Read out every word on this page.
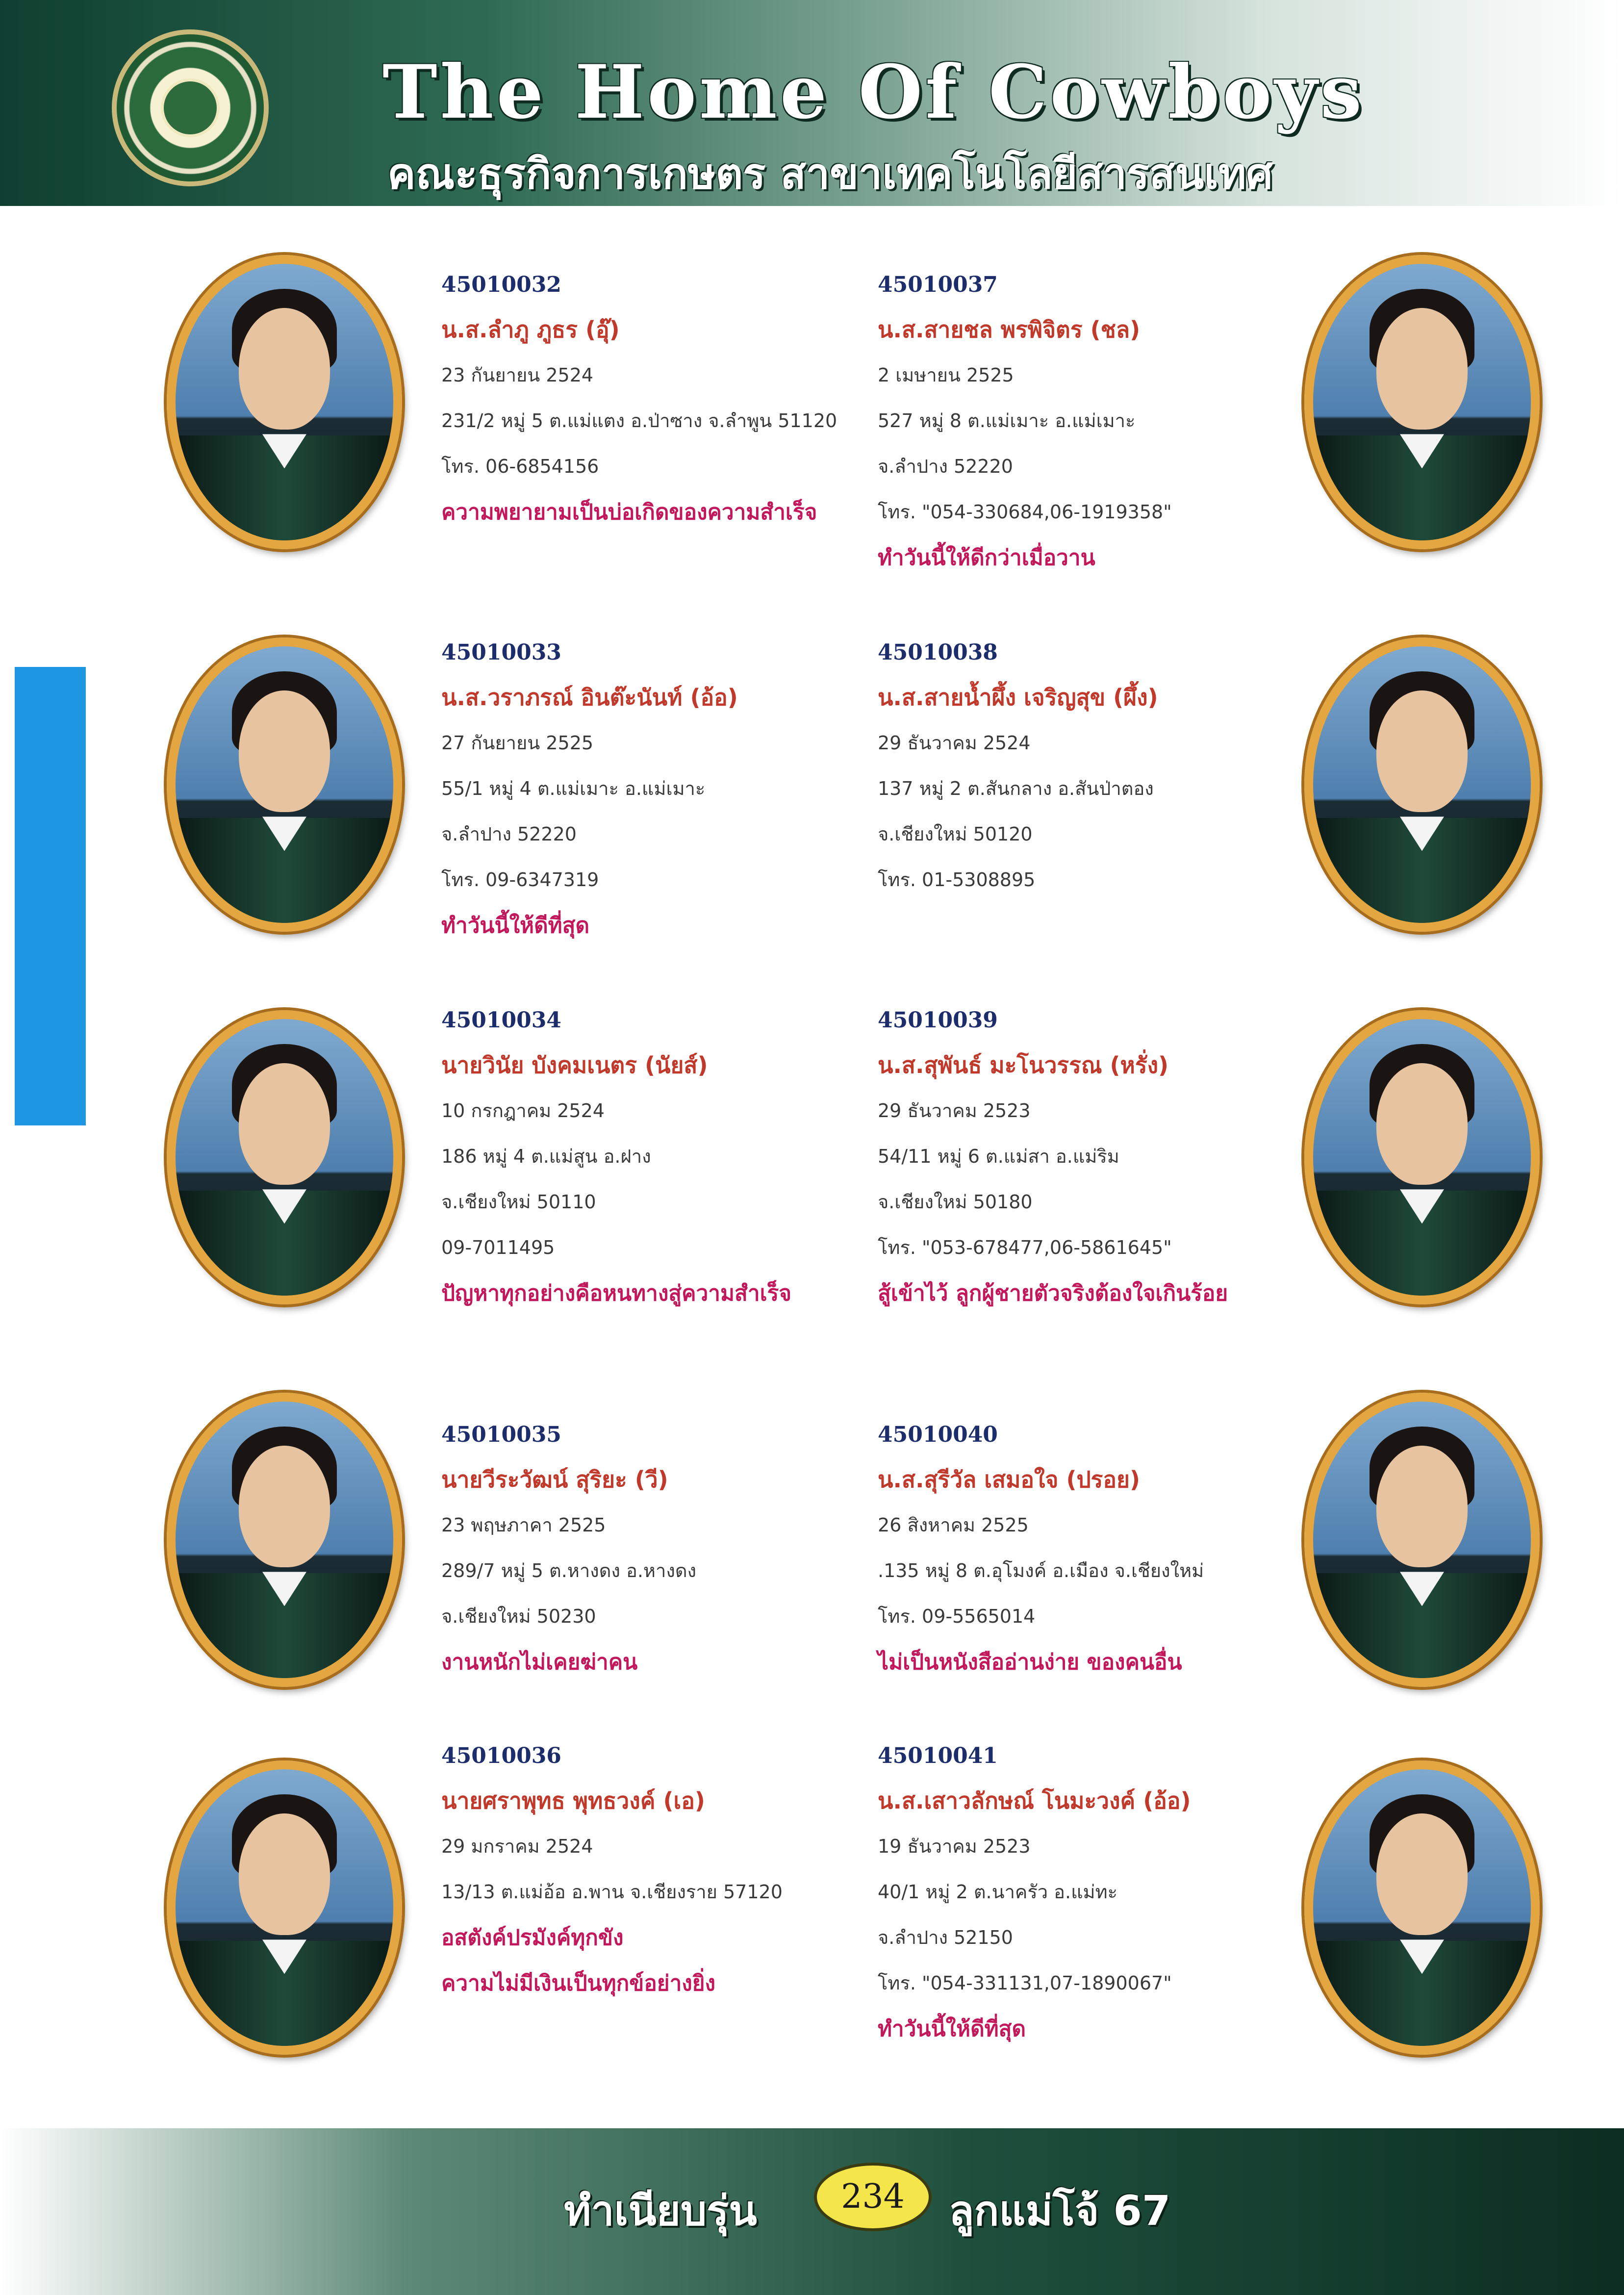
The Home Of Cowboys
คณะธุรกิจการเกษตร สาขาเทคโนโลยีสารสนเทศ
45010032
น.ส.ลำภู ภูธร (อุ๊)
23 กันยายน 2524
231/2 หมู่ 5 ต.แม่แตง อ.ป่าซาง จ.ลำพูน 51120
โทร. 06-6854156
ความพยายามเป็นบ่อเกิดของความสำเร็จ
45010037
น.ส.สายชล พรพิจิตร (ชล)
2 เมษายน 2525
527 หมู่ 8 ต.แม่เมาะ อ.แม่เมาะ
จ.ลำปาง 52220
โทร. "054-330684,06-1919358"
ทำวันนี้ให้ดีกว่าเมื่อวาน
45010033
น.ส.วราภรณ์ อินต๊ะนันท์ (อ้อ)
27 กันยายน 2525
55/1 หมู่ 4 ต.แม่เมาะ อ.แม่เมาะ
จ.ลำปาง 52220
โทร. 09-6347319
ทำวันนี้ให้ดีที่สุด
45010038
น.ส.สายน้ำผึ้ง เจริญสุข (ผึ้ง)
29 ธันวาคม 2524
137 หมู่ 2 ต.สันกลาง อ.สันป่าตอง
จ.เชียงใหม่ 50120
โทร. 01-5308895
45010034
นายวินัย บังคมเนตร (นัยส์)
10 กรกฎาคม 2524
186 หมู่ 4 ต.แม่สูน อ.ฝาง
จ.เชียงใหม่ 50110
09-7011495
ปัญหาทุกอย่างคือหนทางสู่ความสำเร็จ
45010039
น.ส.สุพันธ์ มะโนวรรณ (หรั่ง)
29 ธันวาคม 2523
54/11 หมู่ 6 ต.แม่สา อ.แม่ริม
จ.เชียงใหม่ 50180
โทร. "053-678477,06-5861645"
สู้เข้าไว้ ลูกผู้ชายตัวจริงต้องใจเกินร้อย
45010035
นายวีระวัฒน์ สุริยะ (วี)
23 พฤษภาคา 2525
289/7 หมู่ 5 ต.หางดง อ.หางดง
จ.เชียงใหม่ 50230
งานหนักไม่เคยฆ่าคน
45010040
น.ส.สุรีวัล เสมอใจ (ปรอย)
26 สิงหาคม 2525
.135 หมู่ 8 ต.อุโมงค์ อ.เมือง จ.เชียงใหม่
โทร. 09-5565014
ไม่เป็นหนังสืออ่านง่าย ของคนอื่น
45010036
นายศราพุทธ พุทธวงค์ (เอ)
29 มกราคม 2524
13/13 ต.แม่อ้อ อ.พาน จ.เชียงราย 57120
อสตังค์ปรมังค์ทุกขัง
ความไม่มีเงินเป็นทุกข์อย่างยิ่ง
45010041
น.ส.เสาวลักษณ์ โนมะวงค์ (อ้อ)
19 ธันวาคม 2523
40/1 หมู่ 2 ต.นาครัว อ.แม่ทะ
จ.ลำปาง 52150
โทร. "054-331131,07-1890067"
ทำวันนี้ให้ดีที่สุด
ทำเนียบรุ่น	234	ลูกแม่โจ้ 67
